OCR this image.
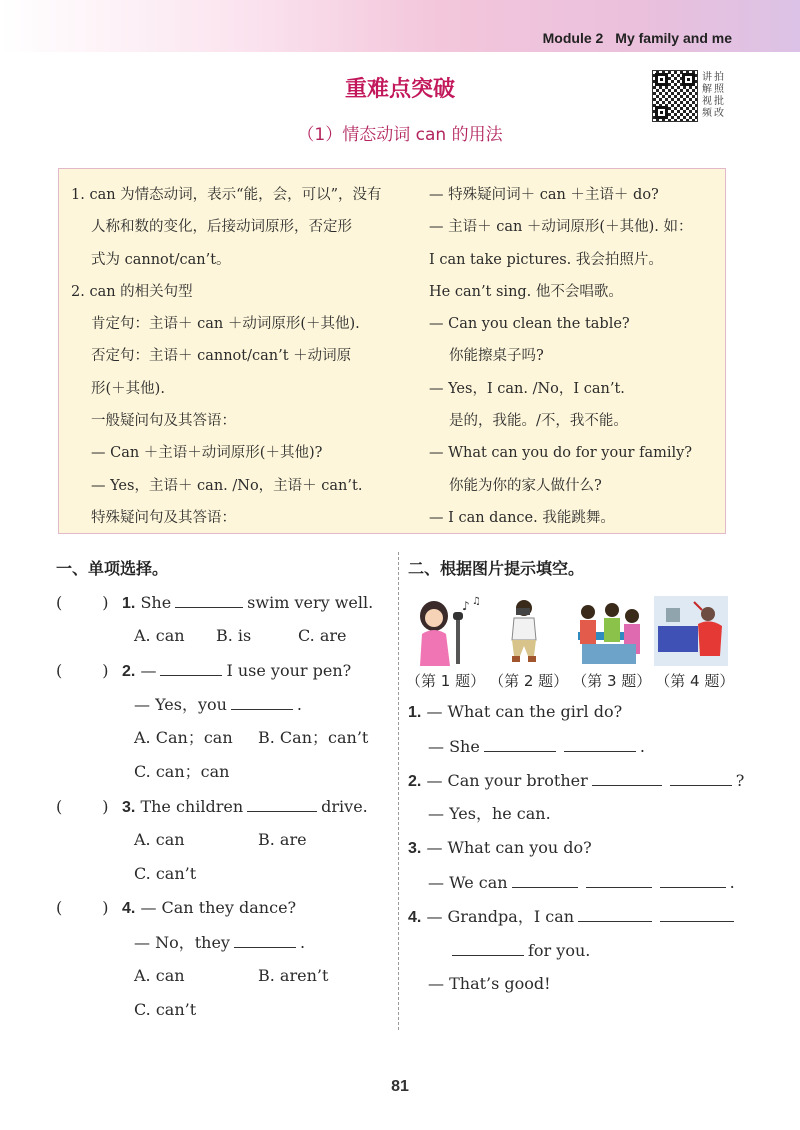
Module 2 My family and me
重难点突破
（1）情态动词 can 的用法
讲 拍
解 照
视 批
频 改
1. can 为情态动词，表示“能，会，可以”，没有
人称和数的变化，后接动词原形，否定形
式为 cannot/can’t。
2. can 的相关句型
肯定句：主语＋ can ＋动词原形(＋其他).
否定句：主语＋ cannot/can’t ＋动词原
形(＋其他).
一般疑问句及其答语：
— Can ＋主语＋动词原形(＋其他)?
— Yes，主语＋ can. /No，主语＋ can’t.
特殊疑问句及其答语：
— 特殊疑问词＋ can ＋主语＋ do?
— 主语＋ can ＋动词原形(＋其他). 如：
I can take pictures. 我会拍照片。
He can’t sing. 他不会唱歌。
— Can you clean the table?
你能擦桌子吗?
— Yes，I can. /No，I can’t.
是的，我能。/不，我不能。
— What can you do for your family?
你能为你的家人做什么?
— I can dance. 我能跳舞。
一、单项选择。	二、根据图片提示填空。
(	) 1. She	swim very well.
A. can B. is	C. are
(	) 2. —	I use your pen?
— Yes，you	.
A. Can；can B. Can；can’t
C. can；can
(	) 3. The children	drive.
A. can	B. are
C. can’t
(	) 4. — Can they dance?
— No，they	.
A. can	B. aren’t
C. can’t
♪ ♫
（第 1 题） （第 2 题） （第 3 题） （第 4 题）
1. — What can the girl do?
— She	.
2. — Can your brother	?
— Yes，he can.
3. — What can you do?
— We can	.
4. — Grandpa，I can
for you.
— That’s good!
81
